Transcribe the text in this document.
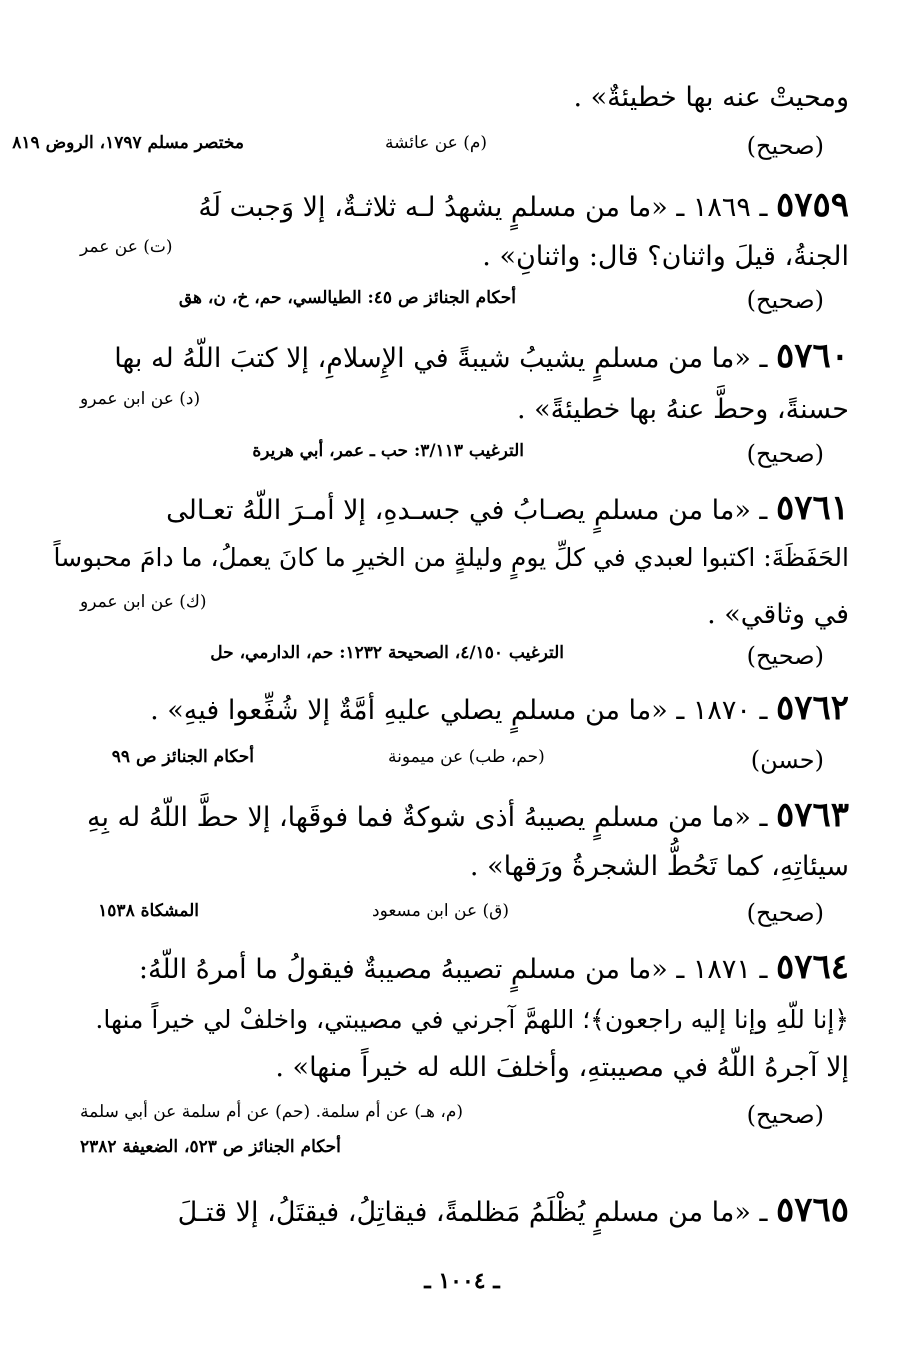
ومحيتْ عنه بها خطيئةٌ» .
(صحيح)
(م) عن عائشة
مختصر مسلم ١٧٩٧، الروض ٨١٩
٥٧٥٩ ـ ١٨٦٩ ـ «ما من مسلمٍ يشهدُ لـه ثلاثـةٌ، إلا وَجبت لَهُ
الجنةُ، قيلَ واثنان؟ قال: واثنانِ» .
(ت) عن عمر
(صحيح)
أحكام الجنائز ص ٤٥: الطيالسي، حم، خ، ن، هق
٥٧٦٠ ـ «ما من مسلمٍ يشيبُ شيبةً في الإِسلامِ، إلا كتبَ اللّهُ له بها
حسنةً، وحطَّ عنهُ بها خطيئةً» .
(د) عن ابن عمرو
(صحيح)
الترغيب ٣/١١٣: حب ـ عمر، أبي هريرة
٥٧٦١ ـ «ما من مسلمٍ يصـابُ في جسـدهِ، إلا أمـرَ اللّهُ تعـالى
الحَفَظَةَ: اكتبوا لعبدي في كلِّ يومٍ وليلةٍ من الخيرِ ما كانَ يعملُ، ما دامَ محبوساً
(ك) عن ابن عمرو	في وثاقي» .
(صحيح)
الترغيب ٤/١٥٠، الصحيحة ١٢٣٢: حم، الدارمي، حل
٥٧٦٢ ـ ١٨٧٠ ـ «ما من مسلمٍ يصلي عليهِ أمَّةٌ إلا شُفِّعوا فيهِ» .
(حسن)
(حم، طب) عن ميمونة
أحكام الجنائز ص ٩٩
٥٧٦٣ ـ «ما من مسلمٍ يصيبهُ أذى شوكةٌ فما فوقَها، إلا حطَّ اللّهُ له بِهِ
سيئاتِهِ، كما تَحُطُّ الشجرةُ ورَقها» .
(صحيح)
(ق) عن ابن مسعود
المشكاة ١٥٣٨
٥٧٦٤ ـ ١٨٧١ ـ «ما من مسلمٍ تصيبهُ مصيبةٌ فيقولُ ما أمرهُ اللّهُ:
﴿إنا للّهِ وإنا إليه راجعون﴾؛ اللهمَّ آجرني في مصيبتي، واخلفْ لي خيراً منها.
إلا آجرهُ اللّهُ في مصيبتهِ، وأخلفَ الله له خيراً منها» .
(صحيح)
(م، هـ) عن أم سلمة. (حم) عن أم سلمة عن أبي سلمة
أحكام الجنائز ص ٥٢٣، الضعيفة ٢٣٨٢
٥٧٦٥ ـ «ما من مسلمٍ يُظْلَمُ مَظلمةً، فيقاتِلُ، فيقتَلُ، إلا قتـلَ
ـ ١٠٠٤ ـ
